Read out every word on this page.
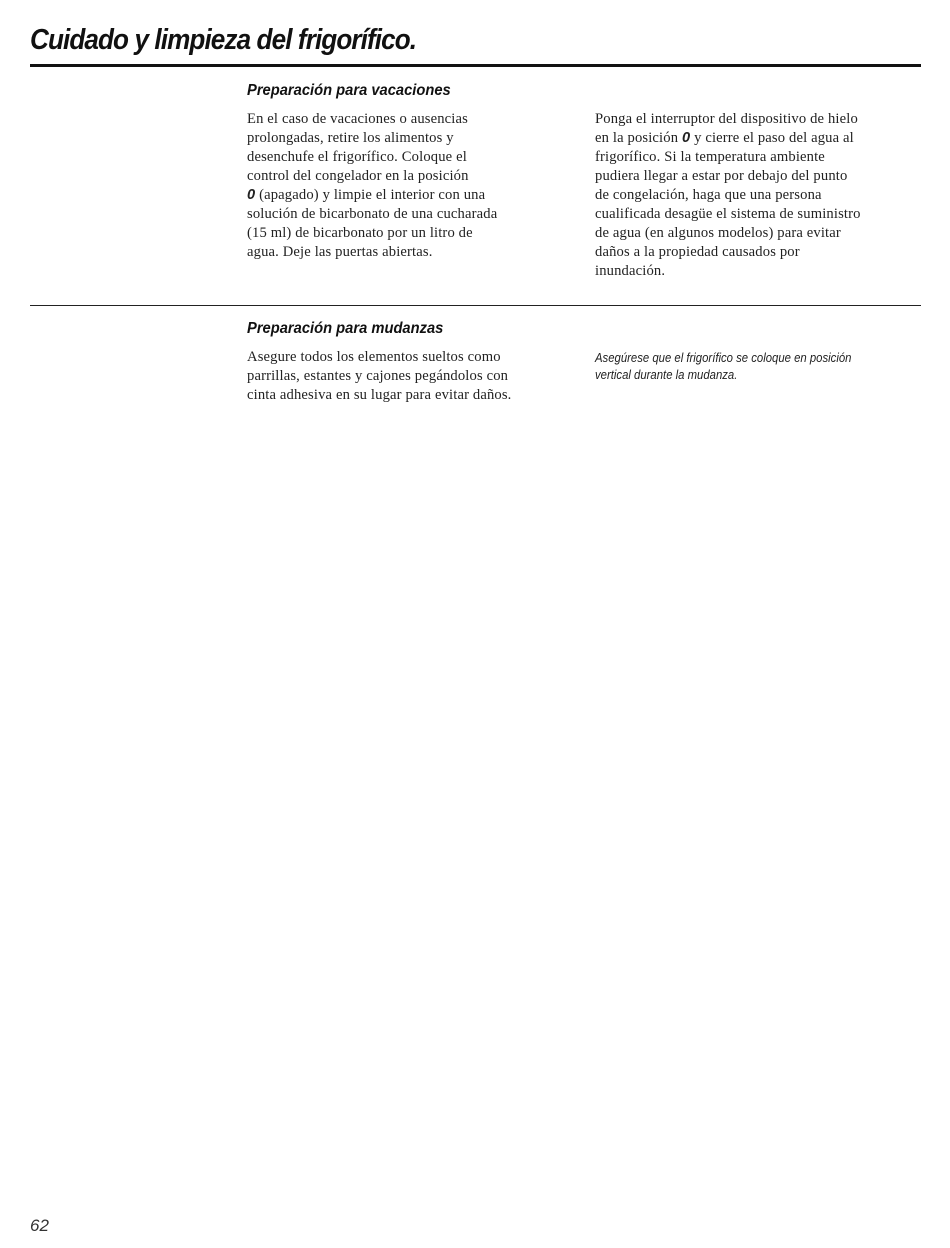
Cuidado y limpieza del frigorífico.
Preparación para vacaciones
En el caso de vacaciones o ausencias
prolongadas, retire los alimentos y
desenchufe el frigorífico. Coloque el
control del congelador en la posición
0 (apagado) y limpie el interior con una
solución de bicarbonato de una cucharada
(15 ml) de bicarbonato por un litro de
agua. Deje las puertas abiertas.
Ponga el interruptor del dispositivo de hielo
en la posición 0 y cierre el paso del agua al
frigorífico. Si la temperatura ambiente
pudiera llegar a estar por debajo del punto
de congelación, haga que una persona
cualificada desagüe el sistema de suministro
de agua (en algunos modelos) para evitar
daños a la propiedad causados por
inundación.
Preparación para mudanzas
Asegure todos los elementos sueltos como
parrillas, estantes y cajones pegándolos con
cinta adhesiva en su lugar para evitar daños.
Asegúrese que el frigorífico se coloque en posición
vertical durante la mudanza.

62
